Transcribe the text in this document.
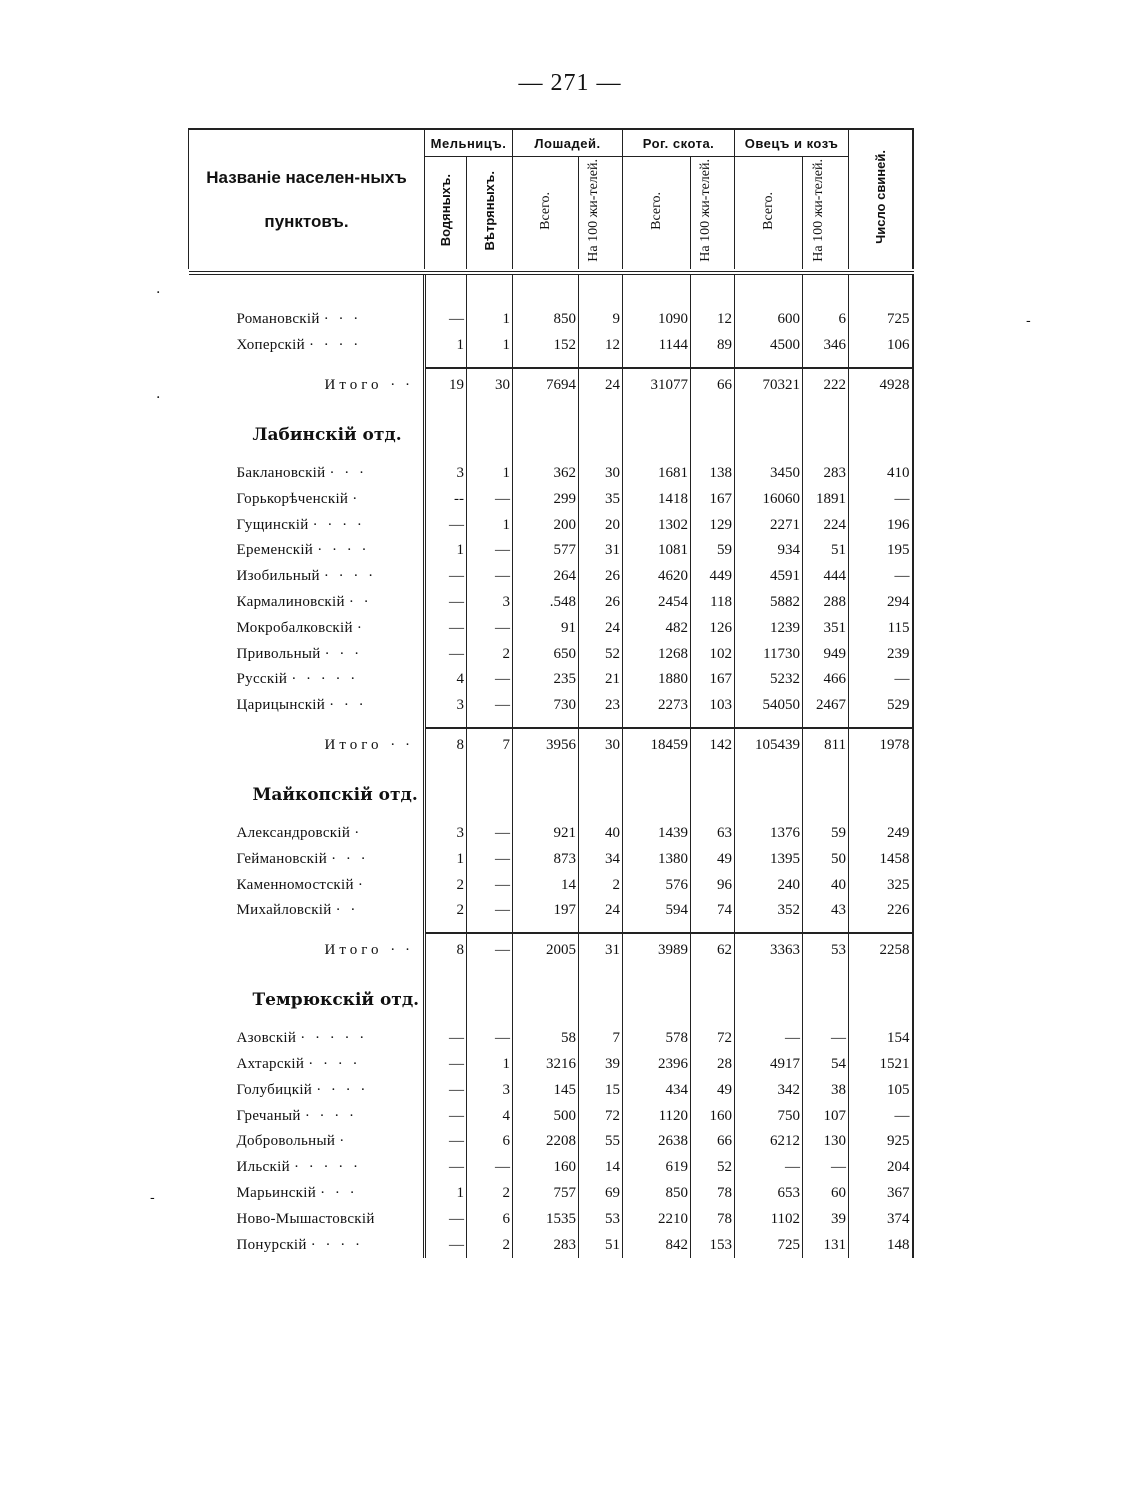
— 271 —
Названіе населен-ныхъ пунктовъ.	Мельницъ.		Лошадей.		Рог. скота.		Овецъ и козъ		Число свиней.
	Водяныхъ.	Вѣтряныхъ.	Всего.	На 100 жи-телей.	Всего.	На 100 жи-телей.	Всего.	На 100 жи-телей.	

Романовскій · · ·	—	1	850	9	1090	12	600	6	725
Хоперскій · · · ·	1	1	152	12	1144	89	4500	346	106

Итого · ·	19	30	7694	24	31077	66	70321	222	4928
Лабинскій отд.									

Баклановскій · · ·	3	1	362	30	1681	138	3450	283	410
Горькорѣченскій ·	--	—	299	35	1418	167	16060	1891	—
Гущинскій · · · ·	—	1	200	20	1302	129	2271	224	196
Еременскій · · · ·	1	—	577	31	1081	59	934	51	195
Изобильный · · · ·	—	—	264	26	4620	449	4591	444	—
Кармалиновскій · ·	—	3	.548	26	2454	118	5882	288	294
Мокробалковскій ·	—	—	91	24	482	126	1239	351	115
Привольный · · ·	—	2	650	52	1268	102	11730	949	239
Русскій · · · · ·	4	—	235	21	1880	167	5232	466	—
Царицынскій · · ·	3	—	730	23	2273	103	54050	2467	529

Итого · ·	8	7	3956	30	18459	142	105439	811	1978
Майкопскій отд.									

Александровскій ·	3	—	921	40	1439	63	1376	59	249
Геймановскій · · ·	1	—	873	34	1380	49	1395	50	1458
Каменномостскій ·	2	—	14	2	576	96	240	40	325
Михайловскій · ·	2	—	197	24	594	74	352	43	226

Итого · ·	8	—	2005	31	3989	62	3363	53	2258
Темрюкскій отд.									

Азовскій · · · · ·	—	—	58	7	578	72	—	—	154
Ахтарскій · · · ·	—	1	3216	39	2396	28	4917	54	1521
Голубицкій · · · ·	—	3	145	15	434	49	342	38	105
Гречаный · · · ·	—	4	500	72	1120	160	750	107	—
Добровольный ·	—	6	2208	55	2638	66	6212	130	925
Ильскій · · · · ·	—	—	160	14	619	52	—	—	204
Марьинскій · · ·	1	2	757	69	850	78	653	60	367
Ново-Мышастовскій	—	6	1535	53	2210	78	1102	39	374
Понурскій · · · ·	—	2	283	51	842	153	725	131	148
·
·
-
-
